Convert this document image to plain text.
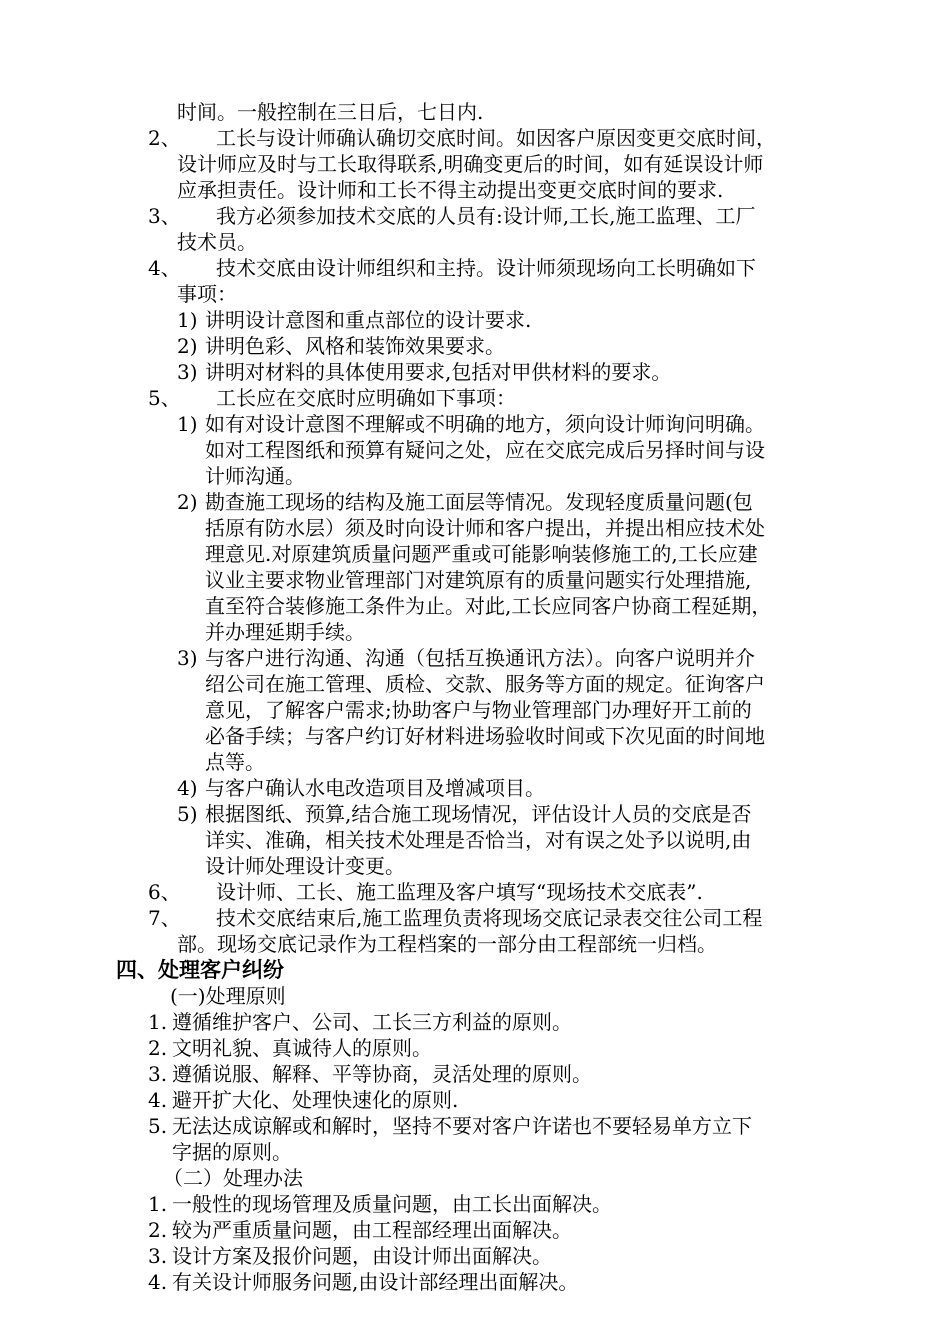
时间。一般控制在三日后，七日内.
2、 工长与设计师确认确切交底时间。如因客户原因变更交底时间，
设计师应及时与工长取得联系,明确变更后的时间，如有延误设计师
应承担责任。设计师和工长不得主动提出变更交底时间的要求.
3、 我方必须参加技术交底的人员有:设计师,工长,施工监理、工厂
技术员。
4、 技术交底由设计师组织和主持。设计师须现场向工长明确如下
事项：
1) 讲明设计意图和重点部位的设计要求.
2) 讲明色彩、风格和装饰效果要求。
3) 讲明对材料的具体使用要求,包括对甲供材料的要求。
5、 工长应在交底时应明确如下事项：
1) 如有对设计意图不理解或不明确的地方，须向设计师询问明确。
如对工程图纸和预算有疑问之处，应在交底完成后另择时间与设
计师沟通。
2) 勘查施工现场的结构及施工面层等情况。发现轻度质量问题(包
括原有防水层）须及时向设计师和客户提出，并提出相应技术处
理意见.对原建筑质量问题严重或可能影响装修施工的,工长应建
议业主要求物业管理部门对建筑原有的质量问题实行处理措施,
直至符合装修施工条件为止。对此,工长应同客户协商工程延期，
并办理延期手续。
3) 与客户进行沟通、沟通（包括互换通讯方法）。向客户说明并介
绍公司在施工管理、质检、交款、服务等方面的规定。征询客户
意见，了解客户需求;协助客户与物业管理部门办理好开工前的
必备手续；与客户约订好材料进场验收时间或下次见面的时间地
点等。
4) 与客户确认水电改造项目及增减项目。
5) 根据图纸、预算,结合施工现场情况，评估设计人员的交底是否
详实、准确，相关技术处理是否恰当，对有误之处予以说明,由
设计师处理设计变更。
6、 设计师、工长、施工监理及客户填写“现场技术交底表”.
7、 技术交底结束后,施工监理负责将现场交底记录表交往公司工程
部。现场交底记录作为工程档案的一部分由工程部统一归档。
四、处理客户纠纷
(一)处理原则
1. 遵循维护客户、公司、工长三方利益的原则。
2. 文明礼貌、真诚待人的原则。
3. 遵循说服、解释、平等协商，灵活处理的原则。
4. 避开扩大化、处理快速化的原则.
5. 无法达成谅解或和解时，坚持不要对客户许诺也不要轻易单方立下
字据的原则。
（二）处理办法
1. 一般性的现场管理及质量问题，由工长出面解决。
2. 较为严重质量问题，由工程部经理出面解决。
3. 设计方案及报价问题，由设计师出面解决。
4. 有关设计师服务问题,由设计部经理出面解决。
